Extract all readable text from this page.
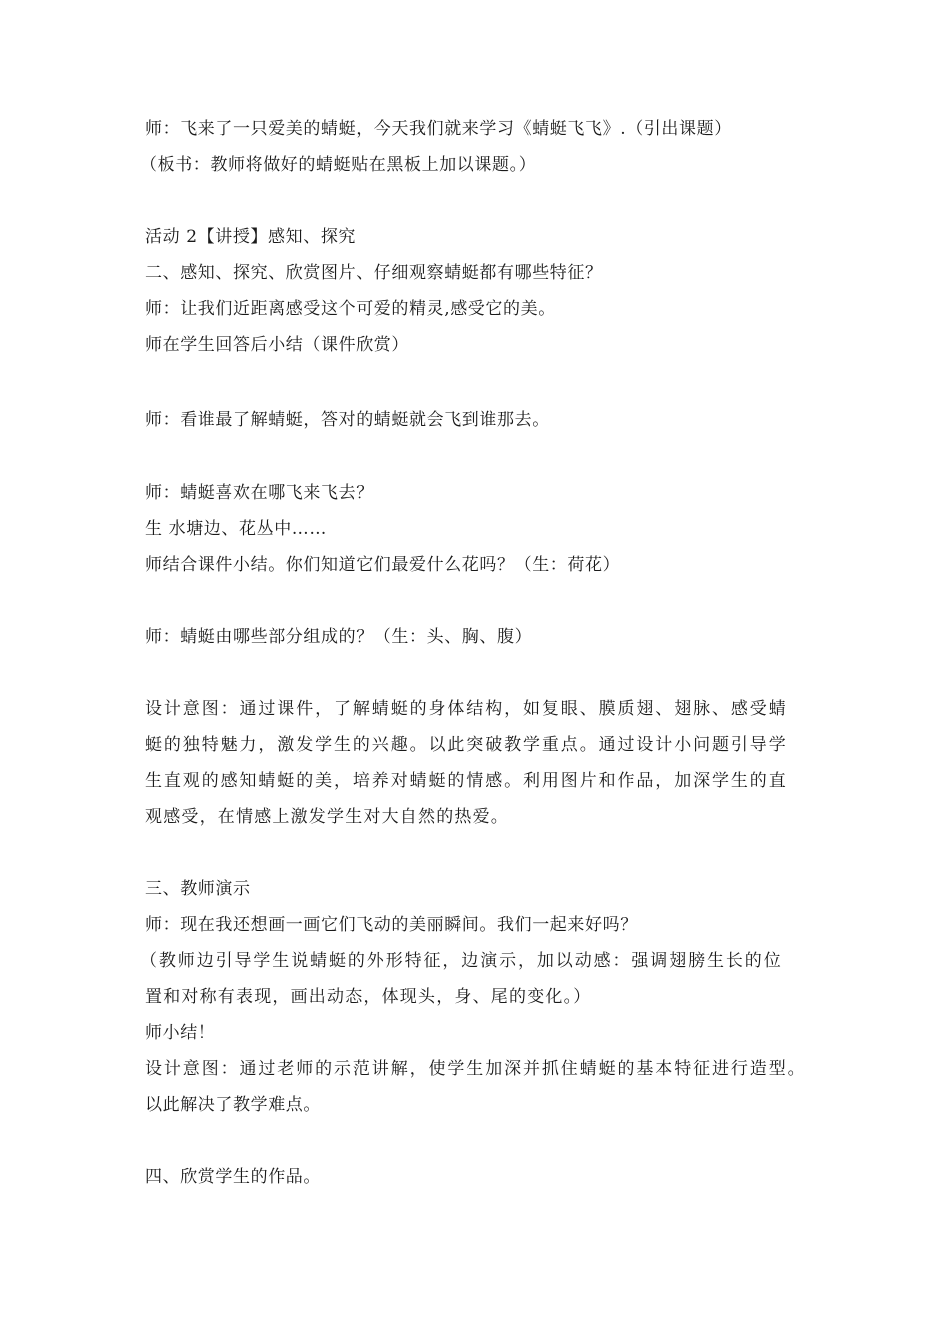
师：飞来了一只爱美的蜻蜓，今天我们就来学习《蜻蜓飞飞》.（引出课题）
（板书：教师将做好的蜻蜓贴在黑板上加以课题。）
活动 2【讲授】感知、探究
二、感知、探究、欣赏图片、仔细观察蜻蜓都有哪些特征？
师：让我们近距离感受这个可爱的精灵,感受它的美。
师在学生回答后小结（课件欣赏）
师：看谁最了解蜻蜓，答对的蜻蜓就会飞到谁那去。
师：蜻蜓喜欢在哪飞来飞去？
生 水塘边、花丛中……
师结合课件小结。你们知道它们最爱什么花吗？（生：荷花）
师：蜻蜓由哪些部分组成的？（生：头、胸、腹）
设计意图：通过课件，了解蜻蜓的身体结构，如复眼、膜质翅、翅脉、感受蜻
蜓的独特魅力，激发学生的兴趣。以此突破教学重点。通过设计小问题引导学
生直观的感知蜻蜓的美，培养对蜻蜓的情感。利用图片和作品，加深学生的直
观感受，在情感上激发学生对大自然的热爱。
三、教师演示
师：现在我还想画一画它们飞动的美丽瞬间。我们一起来好吗？
（教师边引导学生说蜻蜓的外形特征，边演示，加以动感：强调翅膀生长的位
置和对称有表现，画出动态，体现头，身、尾的变化。）
师小结！
设计意图：通过老师的示范讲解，使学生加深并抓住蜻蜓的基本特征进行造型。
以此解决了教学难点。
四、欣赏学生的作品。
